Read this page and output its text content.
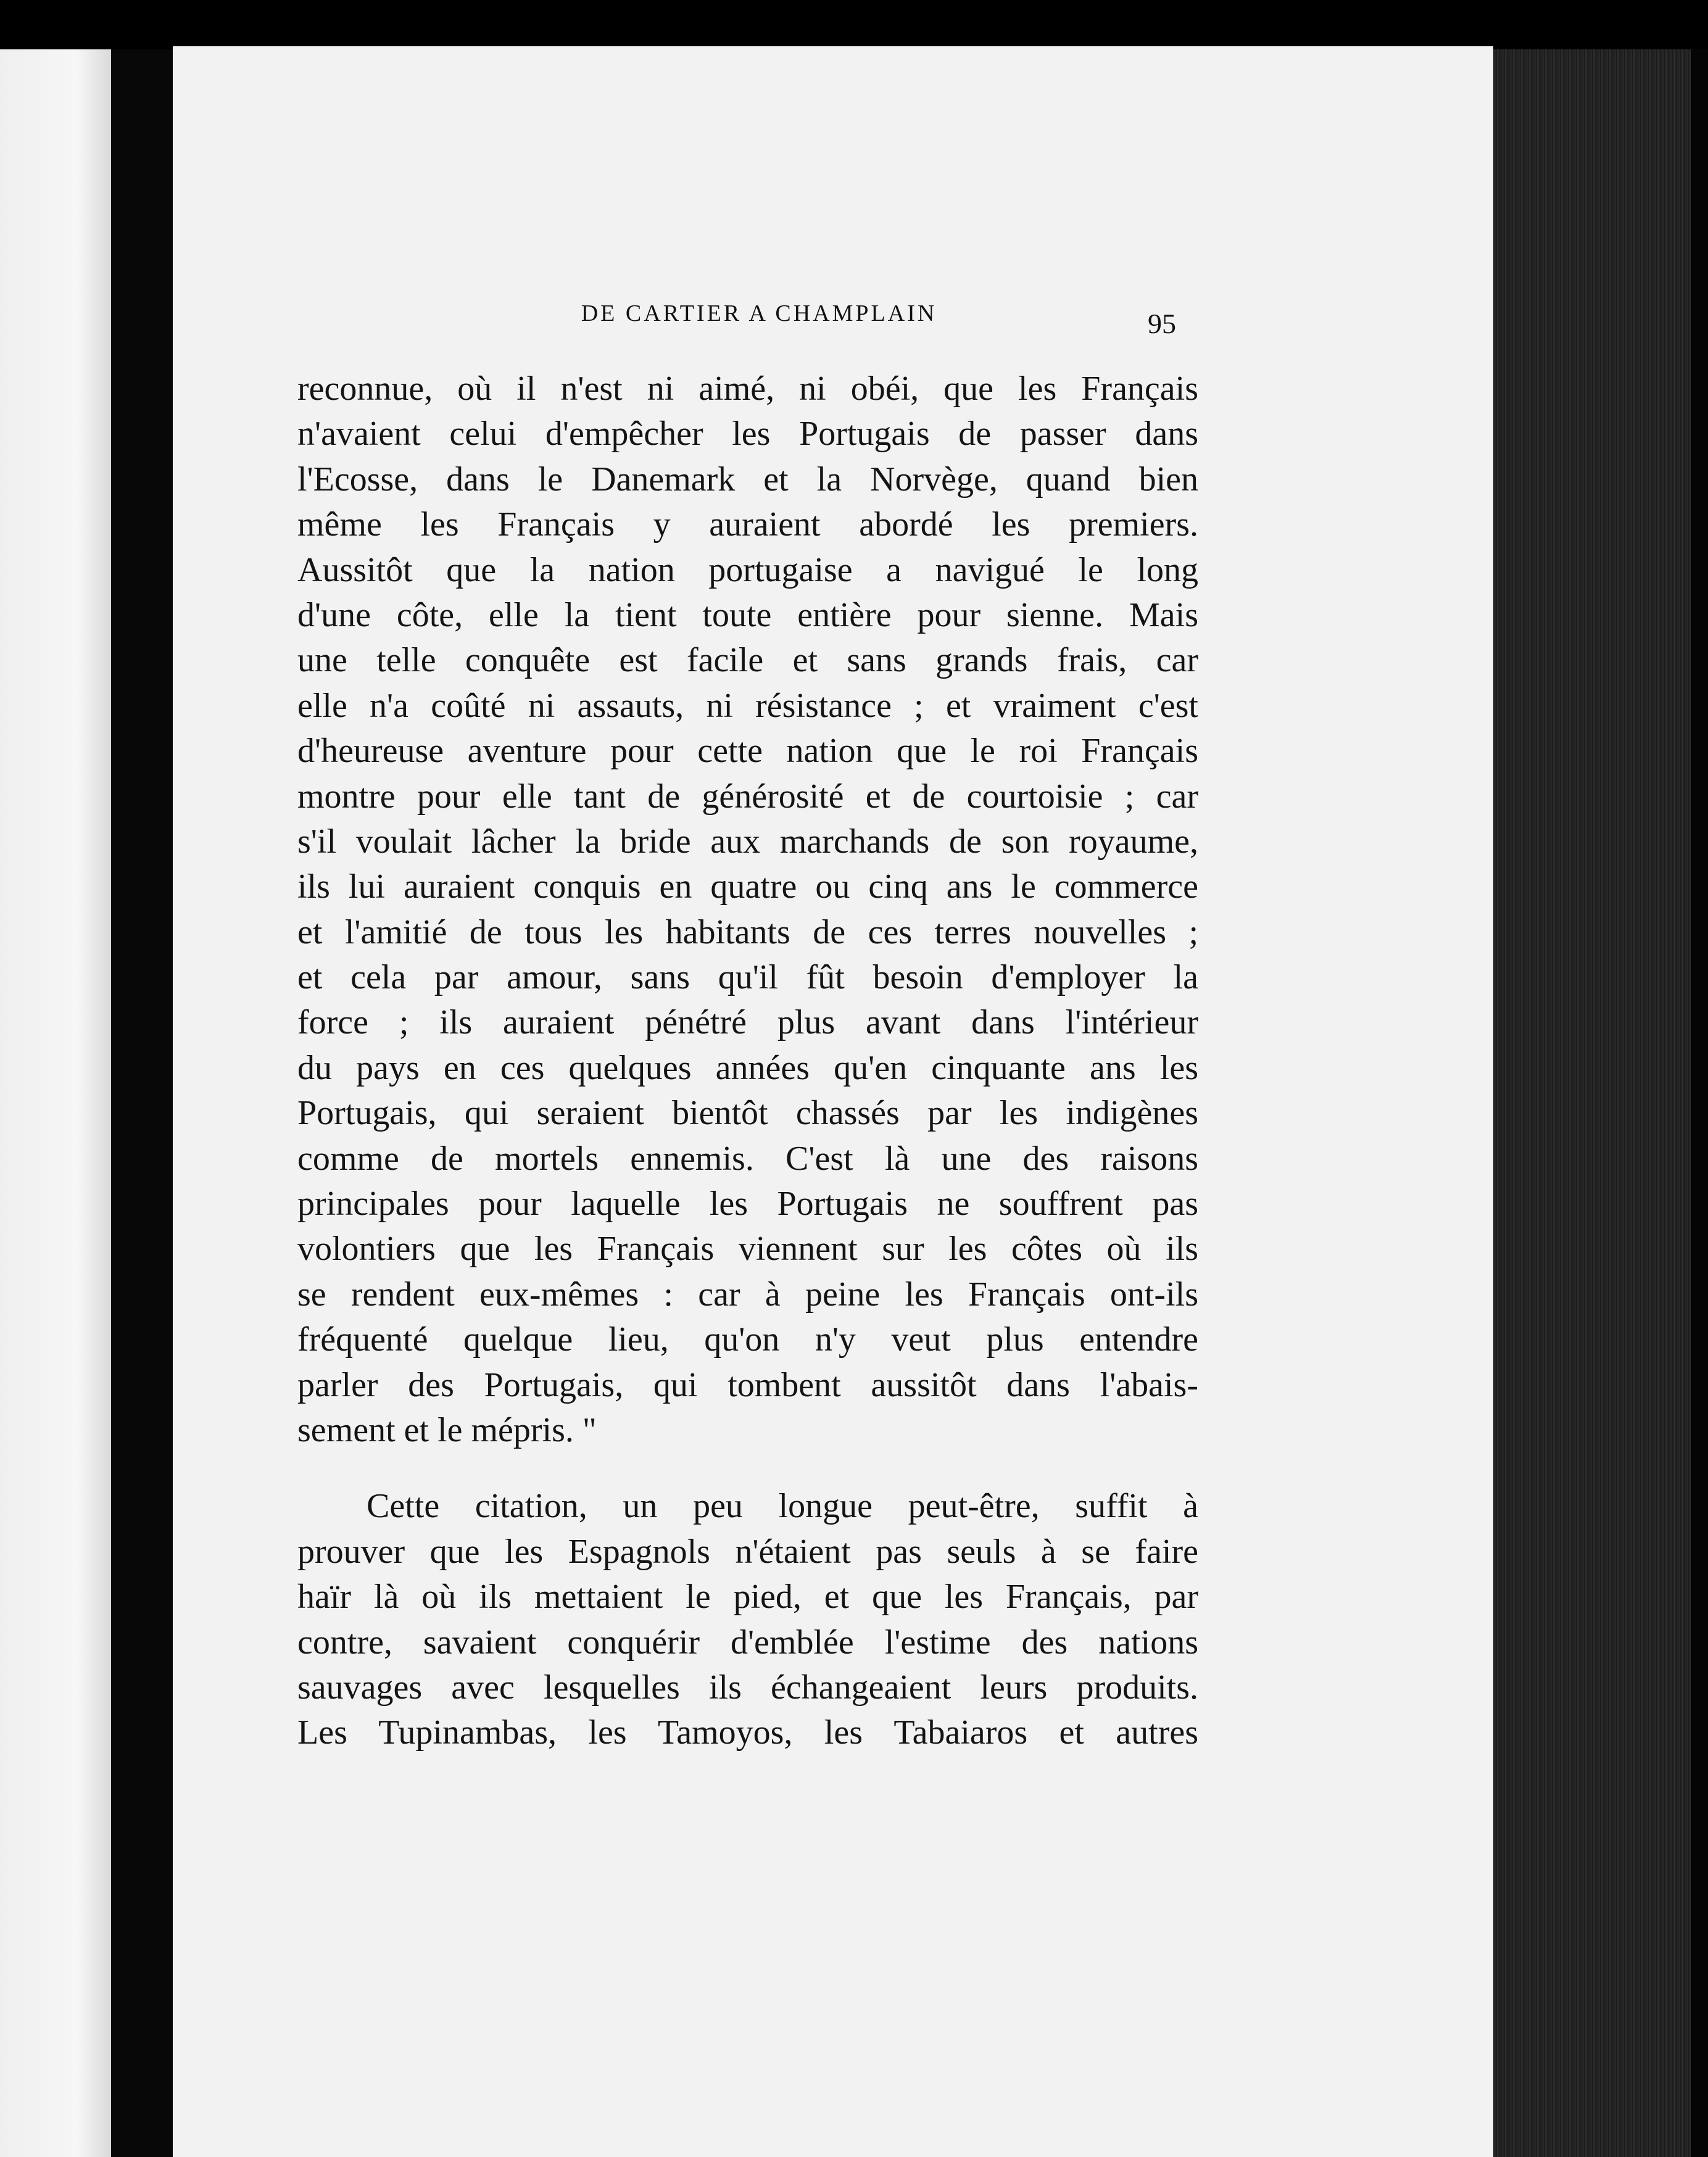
DE CARTIER A CHAMPLAIN	95
reconnue, où il n'est ni aimé, ni obéi, que les Français
n'avaient celui d'empêcher les Portugais de passer dans
l'Ecosse, dans le Danemark et la Norvège, quand bien
même les Français y auraient abordé les premiers.
Aussitôt que la nation portugaise a navigué le long
d'une côte, elle la tient toute entière pour sienne. Mais
une telle conquête est facile et sans grands frais, car
elle n'a coûté ni assauts, ni résistance ; et vraiment c'est
d'heureuse aventure pour cette nation que le roi Français
montre pour elle tant de générosité et de courtoisie ; car
s'il voulait lâcher la bride aux marchands de son royaume,
ils lui auraient conquis en quatre ou cinq ans le commerce
et l'amitié de tous les habitants de ces terres nouvelles ;
et cela par amour, sans qu'il fût besoin d'employer la
force ; ils auraient pénétré plus avant dans l'intérieur
du pays en ces quelques années qu'en cinquante ans les
Portugais, qui seraient bientôt chassés par les indigènes
comme de mortels ennemis. C'est là une des raisons
principales pour laquelle les Portugais ne souffrent pas
volontiers que les Français viennent sur les côtes où ils
se rendent eux-mêmes : car à peine les Français ont-ils
fréquenté quelque lieu, qu'on n'y veut plus entendre
parler des Portugais, qui tombent aussitôt dans l'abais-
sement et le mépris. "
Cette citation, un peu longue peut-être, suffit à
prouver que les Espagnols n'étaient pas seuls à se faire
haïr là où ils mettaient le pied, et que les Français, par
contre, savaient conquérir d'emblée l'estime des nations
sauvages avec lesquelles ils échangeaient leurs produits.
Les Tupinambas, les Tamoyos, les Tabaiaros et autres
